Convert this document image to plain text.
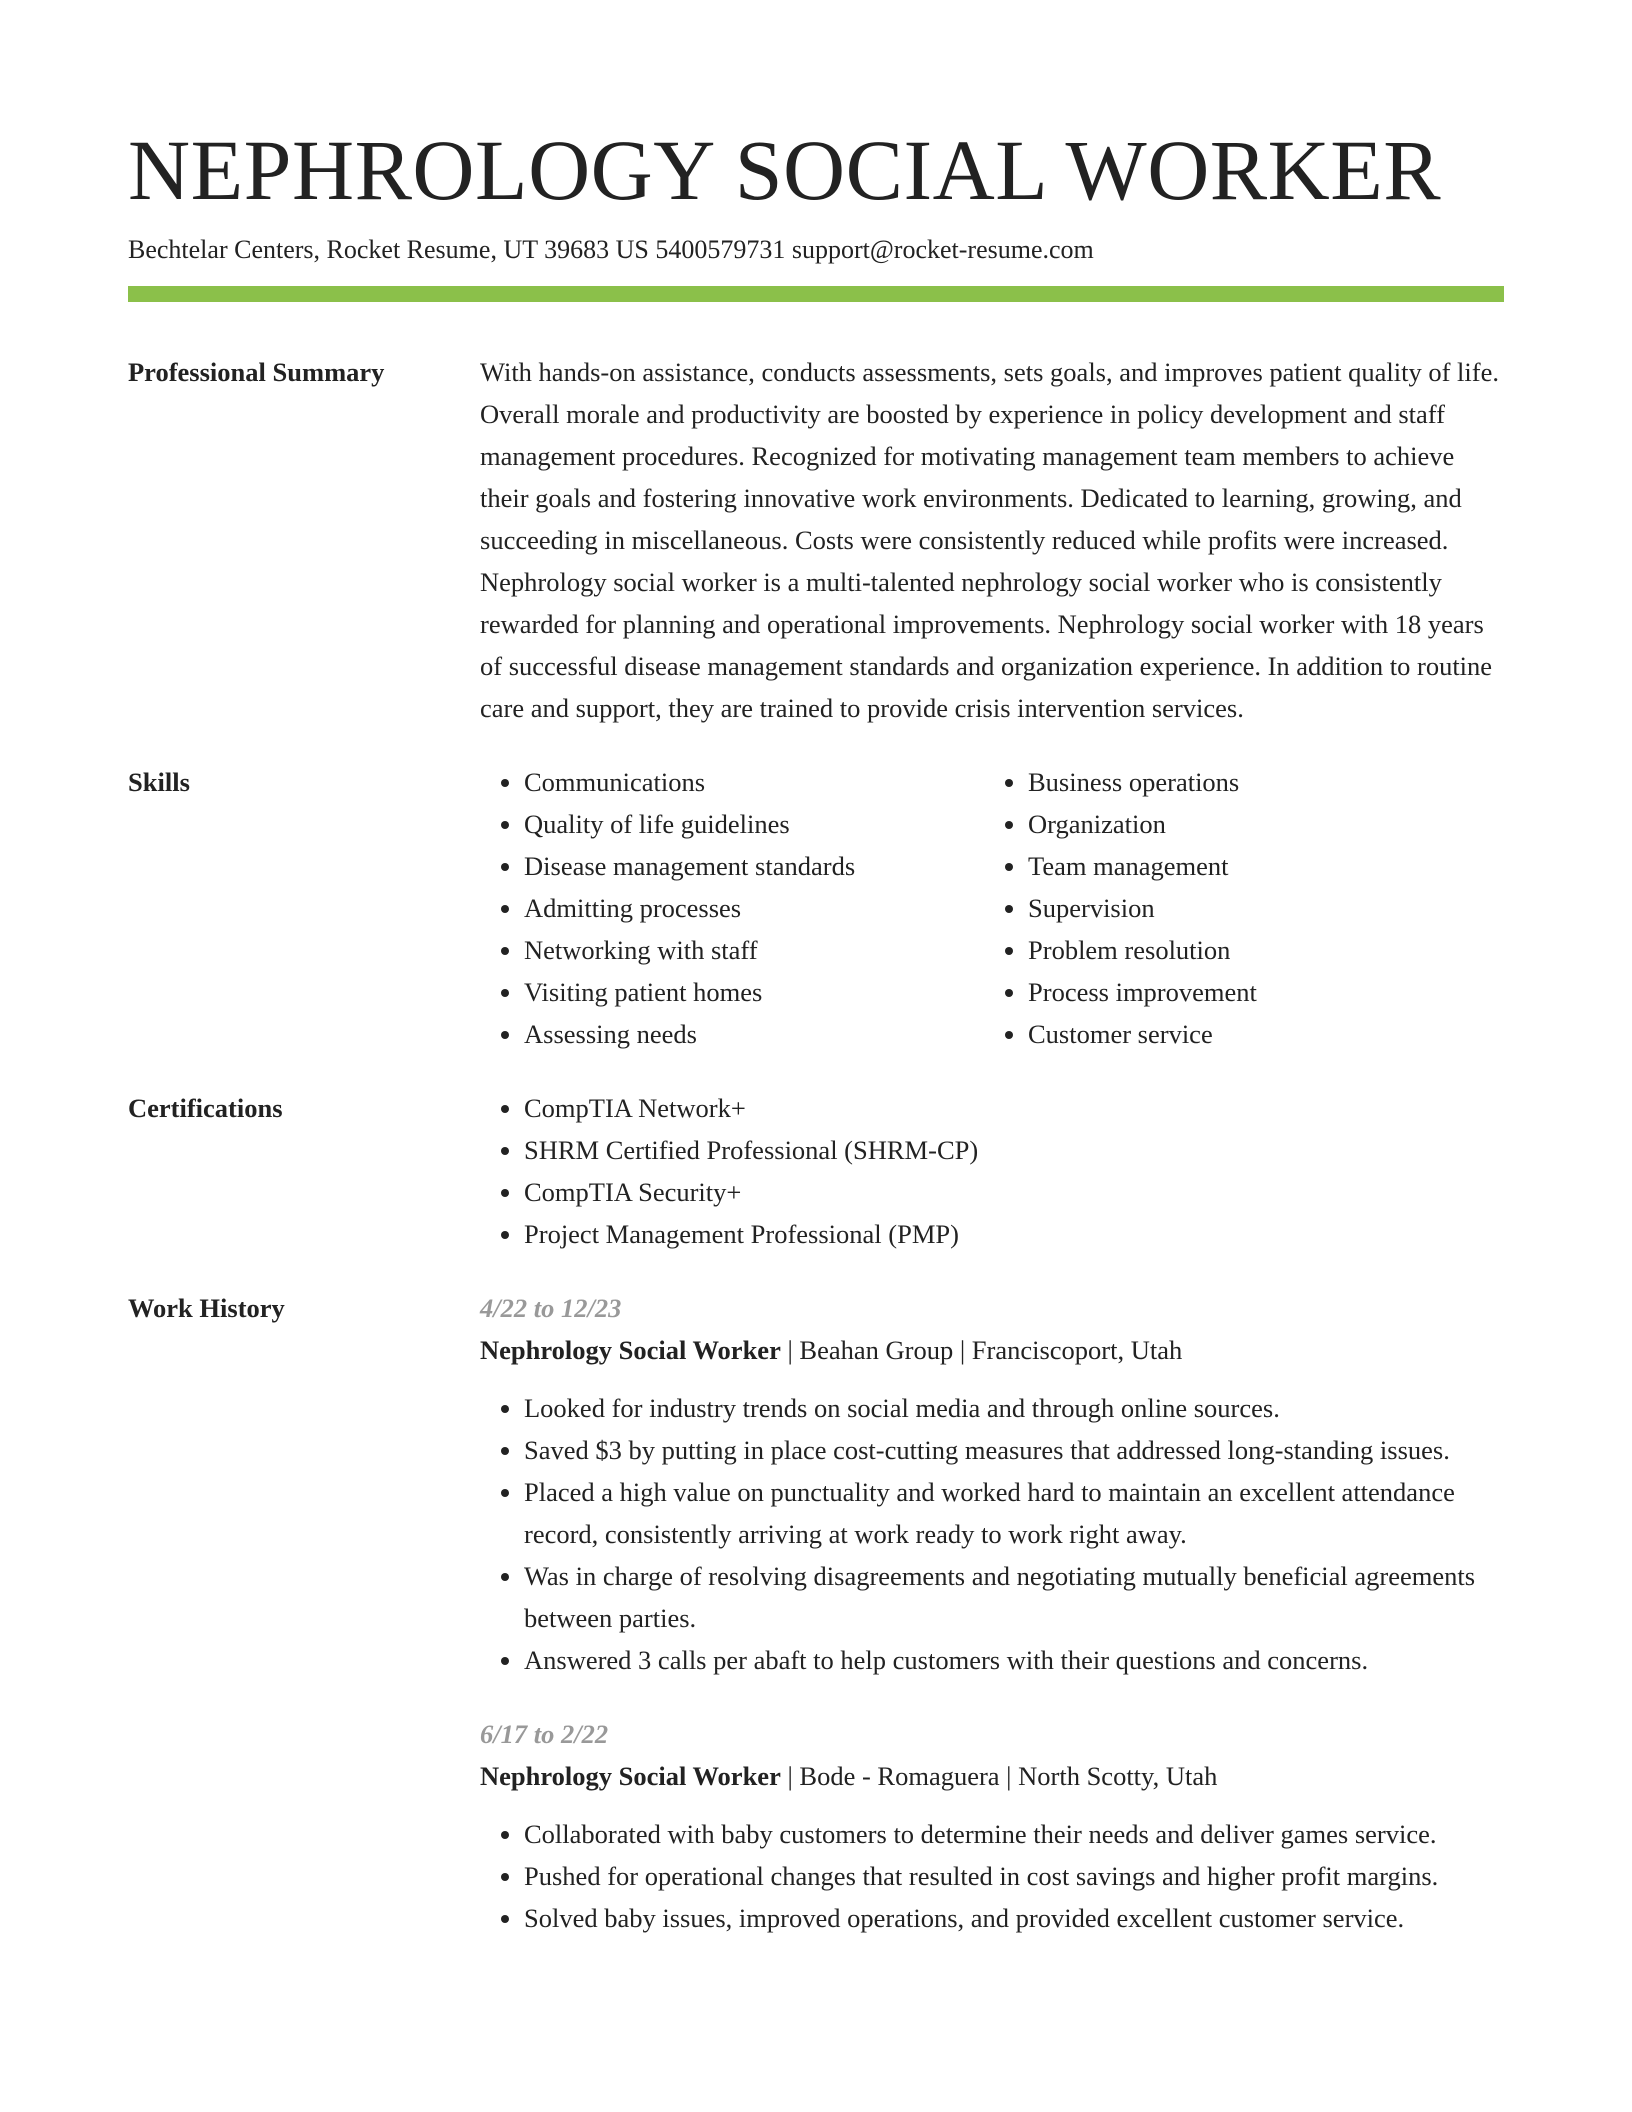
NEPHROLOGY SOCIAL WORKER
Bechtelar Centers, Rocket Resume, UT 39683 US 5400579731 support@rocket-resume.com
Professional Summary	With hands-on assistance, conducts assessments, sets goals, and improves patient quality of life. Overall morale and productivity are boosted by experience in policy development and staff management procedures. Recognized for motivating management team members to achieve their goals and fostering innovative work environments. Dedicated to learning, growing, and succeeding in miscellaneous. Costs were consistently reduced while profits were increased. Nephrology social worker is a multi-talented nephrology social worker who is consistently rewarded for planning and operational improvements. Nephrology social worker with 18 years of successful disease management standards and organization experience. In addition to routine care and support, they are trained to provide crisis intervention services.

Skills	• Communications
• Quality of life guidelines
• Disease management standards
• Admitting processes
• Networking with staff
• Visiting patient homes
• Assessing needs
• Business operations
• Organization
• Team management
• Supervision
• Problem resolution
• Process improvement
• Customer service
Certifications	• CompTIA Network+
• SHRM Certified Professional (SHRM-CP)
• CompTIA Security+
• Project Management Professional (PMP)
Work History	4/22 to 12/23
Nephrology Social Worker | Beahan Group | Franciscoport, Utah
• Looked for industry trends on social media and through online sources.
• Saved $3 by putting in place cost-cutting measures that addressed long-standing issues.
• Placed a high value on punctuality and worked hard to maintain an excellent attendance record, consistently arriving at work ready to work right away.
• Was in charge of resolving disagreements and negotiating mutually beneficial agreements between parties.
• Answered 3 calls per abaft to help customers with their questions and concerns.
6/17 to 2/22
Nephrology Social Worker | Bode - Romaguera | North Scotty, Utah
• Collaborated with baby customers to determine their needs and deliver games service.
• Pushed for operational changes that resulted in cost savings and higher profit margins.
• Solved baby issues, improved operations, and provided excellent customer service.
